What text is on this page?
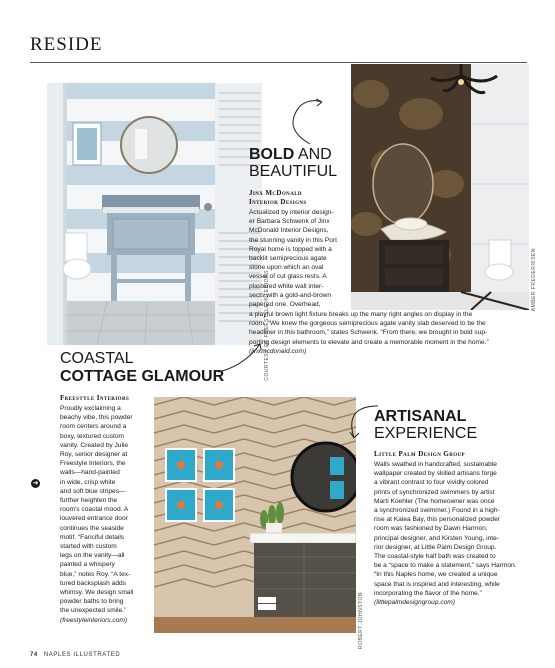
RESIDE
COURTESY OF FREESTYLE INTERIORS	AMBER FREDERIKSEN
ROBERT JOHNSTON
BOLD AND
BEAUTIFUL
Jinx McDonald
Interior Designs
Actualized by interior design-
er Barbara Schwenk of Jinx
McDonald Interior Designs,
the stunning vanity in this Port
Royal home is topped with a
backlit semiprecious agate
stone upon which an oval
vessel of cut glass rests. A
plastered white wall inter-
sects with a gold-and-brown
papered one. Overhead,
a playful brown light fixture breaks up the many right angles on display in the
room. “We knew the gorgeous semiprecious agate vanity slab deserved to be the
headliner in this bathroom,” states Schwenk. “From there, we brought in bold sup-
porting design elements to elevate and create a memorable moment in the home.”
(jinxmcdonald.com)
COASTAL
COTTAGE GLAMOUR
Freestyle Interiors
➜
Proudly exclaiming a
beachy vibe, this powder
room centers around a
boxy, textured custom
vanity. Created by Julie
Roy, senior designer at
Freestyle Interiors, the
walls—hand-painted
in wide, crisp white
and soft blue stripes—
further heighten the
room's coastal mood. A
louvered entrance door
continues the seaside
motif. “Fanciful details
started with custom
legs on the vanity—all
painted a whispery
blue,” notes Roy. “A tex-
tured backsplash adds
whimsy. We design small
powder baths to bring
the unexpected smile.”
(freestyleinteriors.com)
ARTISANAL
EXPERIENCE
Little Palm Design Group
Walls swathed in handcrafted, sustainable
wallpaper created by skilled artisans forge
a vibrant contrast to four vividly colored
prints of synchronized swimmers by artist
Marti Koehler (The homeowner was once
a synchronized swimmer.) Found in a high-
rise at Kalea Bay, this personalized powder
room was fashioned by Dawn Harmon,
principal designer, and Kirsten Young, inte-
rior designer, at Little Palm Design Group.
The coastal-style half bath was created to
be a “space to make a statement,” says Harmon.
“In this Naples home, we created a unique
space that is inspired and interesting, while
incorporating the flavor of the home.”
(littlepalmdesigngroup.com)
74 NAPLES ILLUSTRATED
